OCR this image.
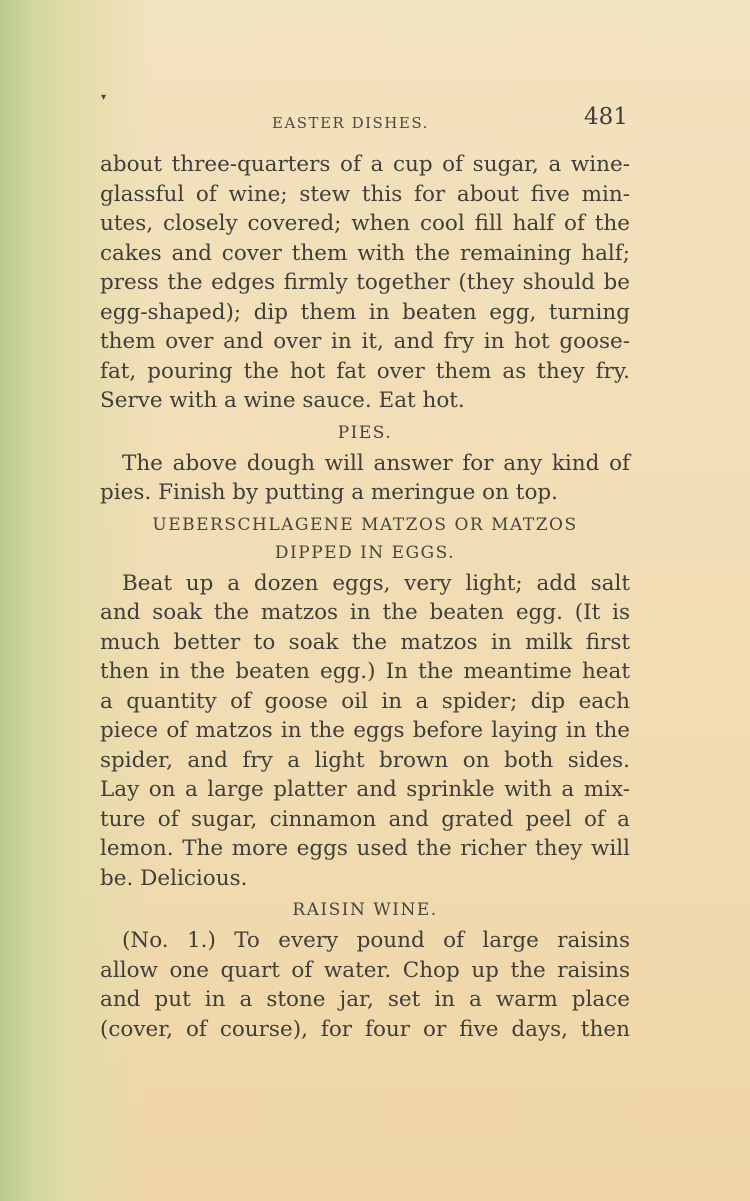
▾
EASTER DISHES.	481
about three-quarters of a cup of sugar, a wine-
glassful of wine; stew this for about five min-
utes, closely covered; when cool fill half of the
cakes and cover them with the remaining half;
press the edges firmly together (they should be
egg-shaped); dip them in beaten egg, turning
them over and over in it, and fry in hot goose-
fat, pouring the hot fat over them as they fry.
Serve with a wine sauce. Eat hot.
PIES.
The above dough will answer for any kind of
pies. Finish by putting a meringue on top.
UEBERSCHLAGENE MATZOS OR MATZOS
DIPPED IN EGGS.
Beat up a dozen eggs, very light; add salt
and soak the matzos in the beaten egg. (It is
much better to soak the matzos in milk first
then in the beaten egg.) In the meantime heat
a quantity of goose oil in a spider; dip each
piece of matzos in the eggs before laying in the
spider, and fry a light brown on both sides.
Lay on a large platter and sprinkle with a mix-
ture of sugar, cinnamon and grated peel of a
lemon. The more eggs used the richer they will
be. Delicious.
RAISIN WINE.
(No. 1.) To every pound of large raisins
allow one quart of water. Chop up the raisins
and put in a stone jar, set in a warm place
(cover, of course), for four or five days, then
